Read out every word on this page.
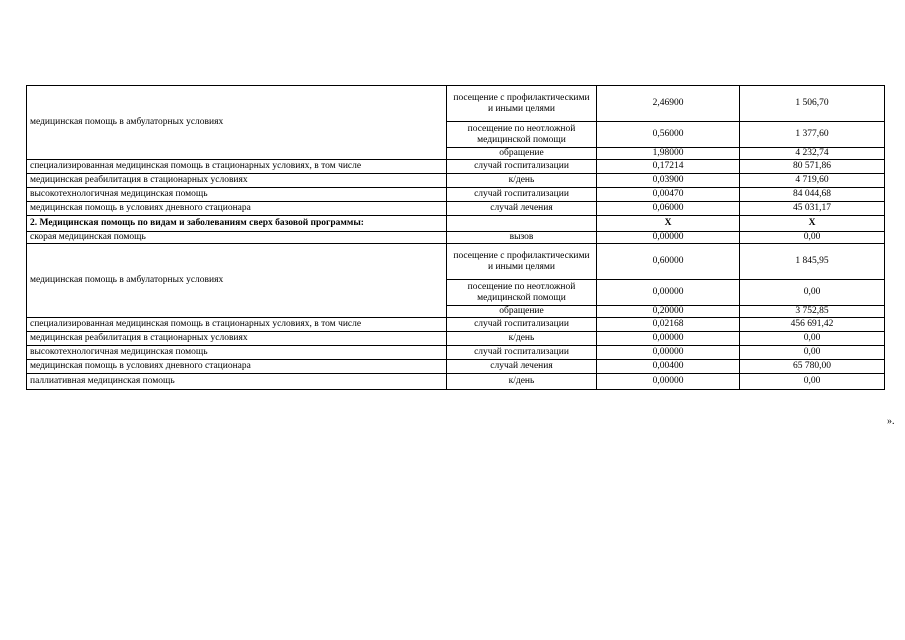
медицинская помощь в амбулаторных условиях	посещение с профилактическими и иными целями	2,46900	1 506,70
	посещение по неотложной медицинской помощи	0,56000	1 377,60
	обращение	1,98000	4 232,74
специализированная медицинская помощь в стационарных условиях, в том числе	случай госпитализации	0,17214	80 571,86
медицинская реабилитация в стационарных условиях	к/день	0,03900	4 719,60
высокотехнологичная медицинская помощь	случай госпитализации	0,00470	84 044,68
медицинская помощь в условиях дневного стационара	случай лечения	0,06000	45 031,17
2. Медицинская помощь по видам и заболеваниям сверх базовой программы:		Х	Х
скорая медицинская помощь	вызов	0,00000	0,00
медицинская помощь в амбулаторных условиях	посещение с профилактическими и иными целями	0,60000	1 845,95
	посещение по неотложной медицинской помощи	0,00000	0,00
	обращение	0,20000	3 752,85
специализированная медицинская помощь в стационарных условиях, в том числе	случай госпитализации	0,02168	456 691,42
медицинская реабилитация в стационарных условиях	к/день	0,00000	0,00
высокотехнологичная медицинская помощь	случай госпитализации	0,00000	0,00
медицинская помощь в условиях дневного стационара	случай лечения	0,00400	65 780,00
паллиативная медицинская помощь	к/день	0,00000	0,00
».
